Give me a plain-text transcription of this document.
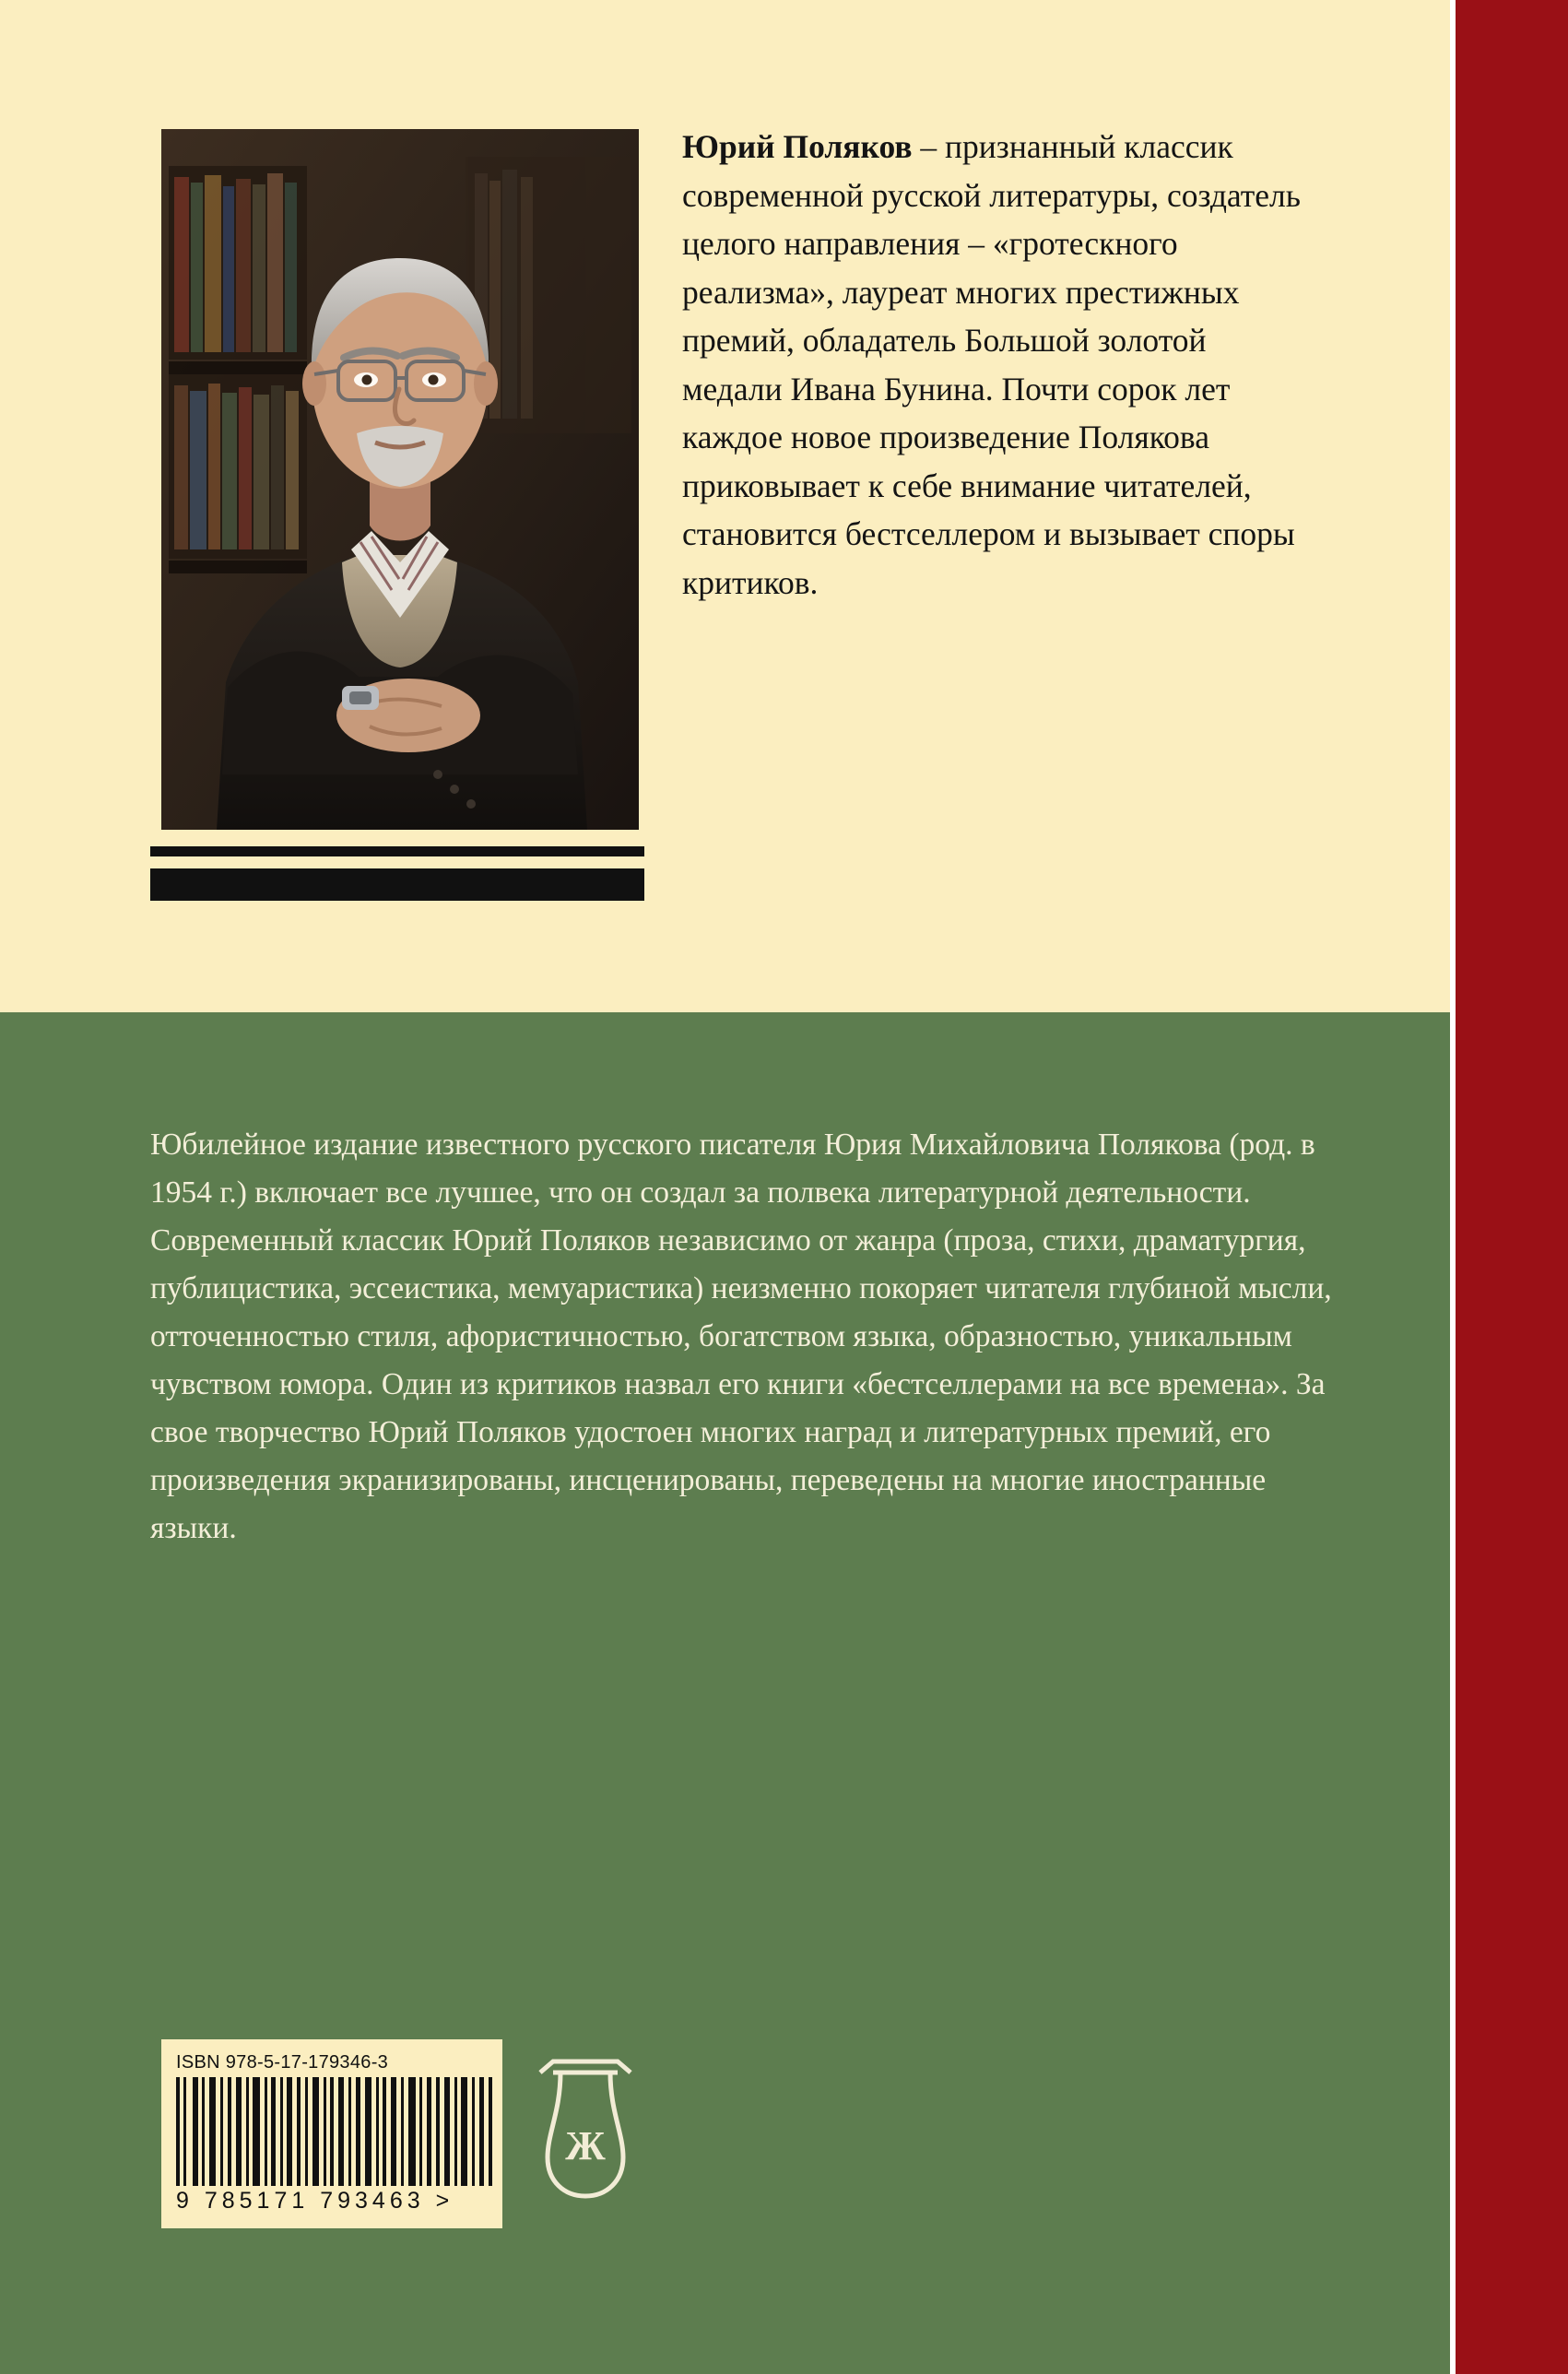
Юрий Поляков – признанный классик современной русской литературы, создатель целого направления – «гротескного реализма», лауреат многих престижных премий, обладатель Большой золотой медали Ивана Бунина. Почти сорок лет каждое новое произведение Полякова приковывает к себе внимание читателей, становится бестселлером и вызывает споры критиков.
Юбилейное издание известного русского писателя Юрия Михайловича Полякова (род. в 1954 г.) включает все лучшее, что он создал за полвека литературной деятельности. Современный классик Юрий Поляков независимо от жанра (проза, стихи, драматургия, публицистика, эссеистика, мемуаристика) неизменно покоряет читателя глубиной мысли, отточенностью стиля, афористичностью, богатством языка, образностью, уникальным чувством юмора. Один из критиков назвал его книги «бестселлерами на все времена». За свое творчество Юрий Поляков удостоен многих наград и литературных премий, его произведения экранизированы, инсценированы, переведены на многие иностранные языки.
ISBN 978-5-17-179346-3
9 785171 793463 >
Ж
